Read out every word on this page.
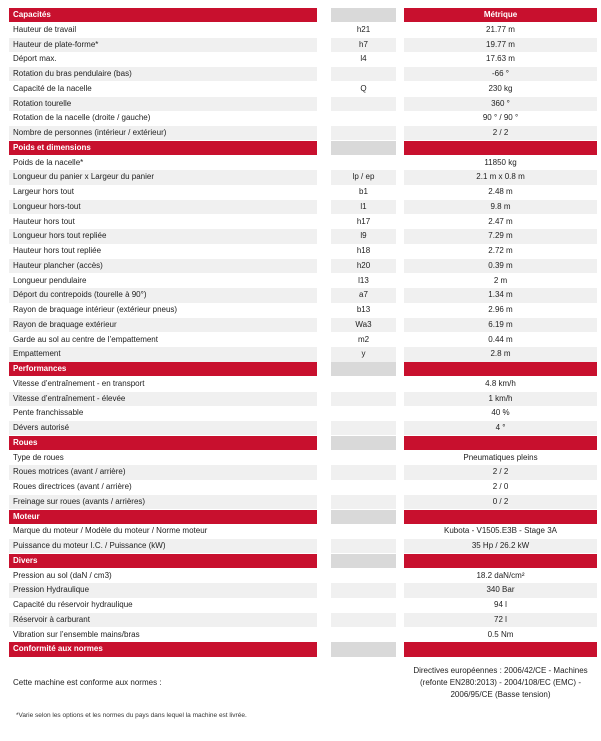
*Varie selon les options et les normes du pays dans lequel la machine est livrée.
Capacités	Métrique
Hauteur de travail	h21	21.77 m
Hauteur de plate-forme*	h7	19.77 m
Déport max.	l4	17.63 m
Rotation du bras pendulaire (bas)	-66 °
Capacité de la nacelle	Q	230 kg
Rotation tourelle	360 °
Rotation de la nacelle (droite / gauche)	90 ° / 90 °
Nombre de personnes (intérieur / extérieur)	2 / 2
Poids et dimensions
Poids de la nacelle*	11850 kg
Longueur du panier x Largeur du panier	lp / ep	2.1 m x 0.8 m
Largeur hors tout	b1	2.48 m
Longueur hors-tout	l1	9.8 m
Hauteur hors tout	h17	2.47 m
Longueur hors tout repliée	l9	7.29 m
Hauteur hors tout repliée	h18	2.72 m
Hauteur plancher (accès)	h20	0.39 m
Longueur pendulaire	l13	2 m
Déport du contrepoids (tourelle à 90°)	a7	1.34 m
Rayon de braquage intérieur (extérieur pneus)	b13	2.96 m
Rayon de braquage extérieur	Wa3	6.19 m
Garde au sol au centre de l’empattement	m2	0.44 m
Empattement	y	2.8 m
Performances
Vitesse d’entraînement - en transport	4.8 km/h
Vitesse d’entraînement - élevée	1 km/h
Pente franchissable	40 %
Dévers autorisé	4 °
Roues
Type de roues	Pneumatiques pleins
Roues motrices (avant / arrière)	2 / 2
Roues directrices (avant / arrière)	2 / 0
Freinage sur roues (avants / arrières)	0 / 2
Moteur
Marque du moteur / Modèle du moteur / Norme moteur	Kubota - V1505.E3B - Stage 3A
Puissance du moteur I.C. / Puissance (kW)	35 Hp / 26.2 kW
Divers
Pression au sol (daN / cm3)	18.2 daN/cm²
Pression Hydraulique	340 Bar
Capacité du réservoir hydraulique	94 l
Réservoir à carburant	72 l
Vibration sur l’ensemble mains/bras	0.5 Nm
Conformité aux normes
Cette machine est conforme aux normes :
Directives européennes : 2006/42/CE - Machines (refonte EN280:2013) - 2004/108/EC (EMC) - 2006/95/CE (Basse tension)
